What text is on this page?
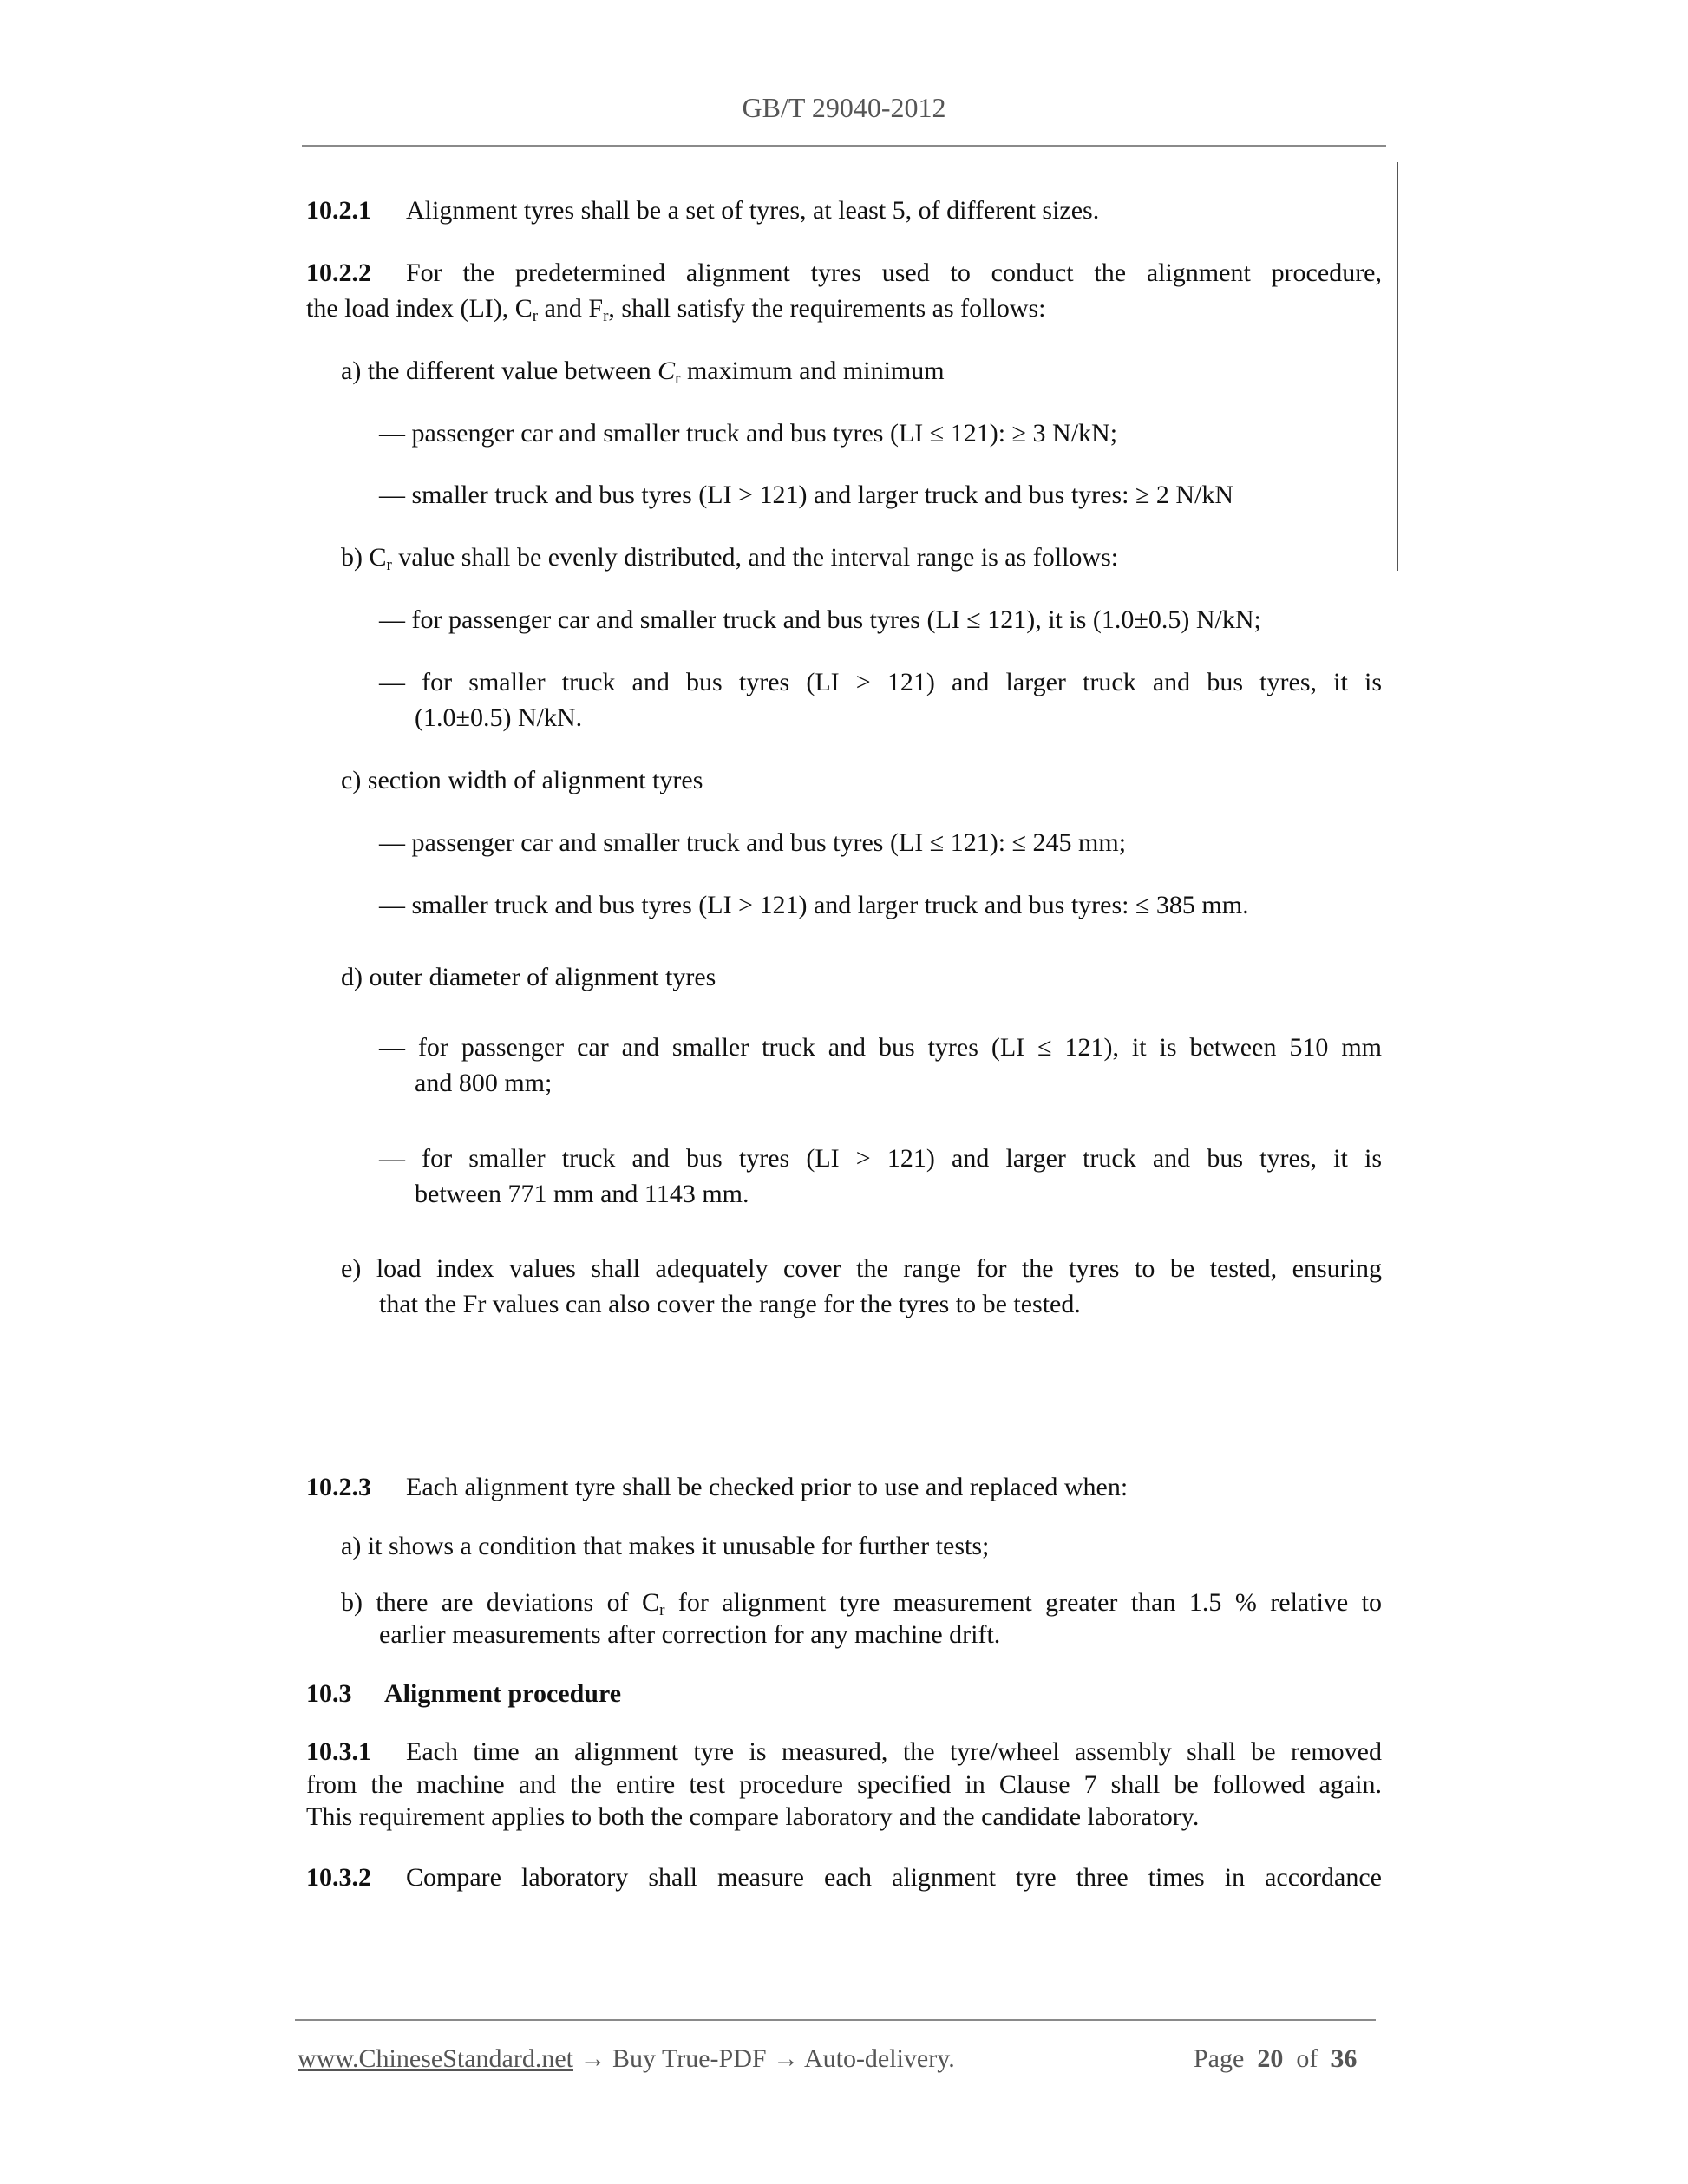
GB/T 29040-2012
10.2.1 Alignment tyres shall be a set of tyres, at least 5, of different sizes.
10.2.2 For the predetermined alignment tyres used to conduct the alignment procedure,
the load index (LI), $C_r$ and $F_r$, shall satisfy the requirements as follows:
a) the different value between $C_r$ maximum and minimum
— passenger car and smaller truck and bus tyres (LI ≤ 121): ≥ 3 N/kN;
— smaller truck and bus tyres (LI > 121) and larger truck and bus tyres: ≥ 2 N/kN
b) $C_r$ value shall be evenly distributed, and the interval range is as follows:
— for passenger car and smaller truck and bus tyres (LI ≤ 121), it is (1.0±0.5) N/kN;
— for smaller truck and bus tyres (LI > 121) and larger truck and bus tyres, it is
(1.0±0.5) N/kN.
c) section width of alignment tyres
— passenger car and smaller truck and bus tyres (LI ≤ 121): ≤ 245 mm;
— smaller truck and bus tyres (LI > 121) and larger truck and bus tyres: ≤ 385 mm.
d) outer diameter of alignment tyres
— for passenger car and smaller truck and bus tyres (LI ≤ 121), it is between 510 mm
and 800 mm;
— for smaller truck and bus tyres (LI > 121) and larger truck and bus tyres, it is
between 771 mm and 1143 mm.
e) load index values shall adequately cover the range for the tyres to be tested, ensuring
that the Fr values can also cover the range for the tyres to be tested.
10.2.3 Each alignment tyre shall be checked prior to use and replaced when:
a) it shows a condition that makes it unusable for further tests;
b) there are deviations of $C_r$ for alignment tyre measurement greater than 1.5 % relative to
earlier measurements after correction for any machine drift.
10.3 Alignment procedure
10.3.1 Each time an alignment tyre is measured, the tyre/wheel assembly shall be removed
from the machine and the entire test procedure specified in Clause 7 shall be followed again.
This requirement applies to both the compare laboratory and the candidate laboratory.
10.3.2 Compare laboratory shall measure each alignment tyre three times in accordance
www.ChineseStandard.net → Buy True-PDF → Auto-delivery.	Page 20 of 36
